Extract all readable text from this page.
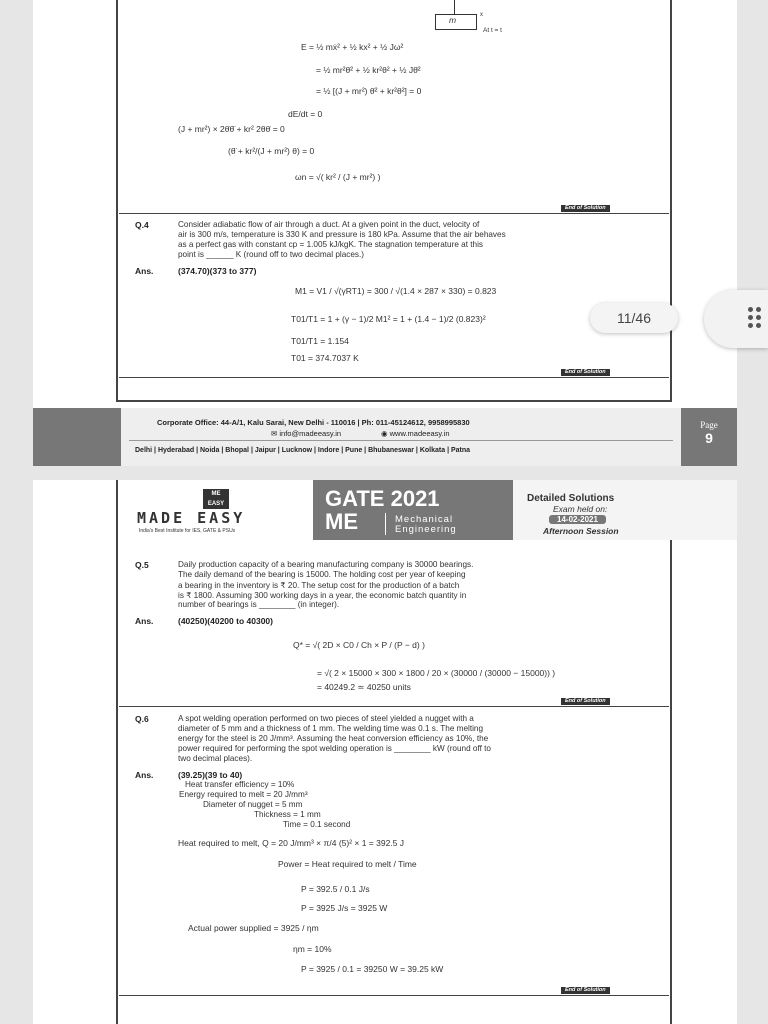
m	x
At t = t
E = ½ mẋ² + ½ kx² + ½ Jω²
= ½ mr²θ̇² + ½ kr²θ² + ½ Jθ̇²
= ½ [(J + mr²) θ̇² + kr²θ²] = 0
dE/dt = 0
(J + mr²) × 2θ̇θ̈ + kr² 2θθ̇ = 0
(θ̈ + kr²/(J + mr²) θ) = 0
ωn = √( kr² / (J + mr²) )
End of Solution
Q.4	Consider adiabatic flow of air through a duct. At a given point in the duct, velocity of
air is 300 m/s, temperature is 330 K and pressure is 180 kPa. Assume that the air behaves
as a perfect gas with constant cp = 1.005 kJ/kgK. The stagnation temperature at this
point is ______ K (round off to two decimal places.)
Ans.	(374.70)(373 to 377)
M1 = V1 / √(γRT1) = 300 / √(1.4 × 287 × 330) = 0.823
T01/T1 = 1 + (γ − 1)/2 M1² = 1 + (1.4 − 1)/2 (0.823)²
T01/T1 = 1.154
T01 = 374.7037 K
End of Solution
Corporate Office: 44-A/1, Kalu Sarai, New Delhi - 110016 | Ph: 011-45124612, 9958995830
✉ info@madeeasy.in	◉ www.madeeasy.in
Delhi | Hyderabad | Noida | Bhopal | Jaipur | Lucknow | Indore | Pune | Bhubaneswar | Kolkata | Patna
Page
9
ME
EASY
MADE EASY
India's Best Institute for IES, GATE & PSUs
GATE 2021
ME	Mechanical
Engineering
Detailed Solutions
Exam held on:
14-02-2021
Afternoon Session
Q.5	Daily production capacity of a bearing manufacturing company is 30000 bearings.
The daily demand of the bearing is 15000. The holding cost per year of keeping
a bearing in the inventory is ₹ 20. The setup cost for the production of a batch
is ₹ 1800. Assuming 300 working days in a year, the economic batch quantity in
number of bearings is ________ (in integer).
Ans.	(40250)(40200 to 40300)
Q* = √( 2D × C0 / Ch × P / (P − d) )
= √( 2 × 15000 × 300 × 1800 / 20 × (30000 / (30000 − 15000)) )
= 40249.2 ≃ 40250 units
End of Solution
Q.6	A spot welding operation performed on two pieces of steel yielded a nugget with a
diameter of 5 mm and a thickness of 1 mm. The welding time was 0.1 s. The melting
energy for the steel is 20 J/mm³. Assuming the heat conversion efficiency as 10%, the
power required for performing the spot welding operation is ________ kW (round off to
two decimal places).
Ans.	(39.25)(39 to 40)
Heat transfer efficiency = 10%
Energy required to melt = 20 J/mm³
Diameter of nugget = 5 mm
Thickness = 1 mm
Time = 0.1 second
Heat required to melt, Q = 20 J/mm³ × π/4 (5)² × 1 = 392.5 J
Power = Heat required to melt / Time
P = 392.5 / 0.1 J/s
P = 3925 J/s = 3925 W
Actual power supplied = 3925 / ηm
ηm = 10%
P = 3925 / 0.1 = 39250 W = 39.25 kW
End of Solution
11/46
